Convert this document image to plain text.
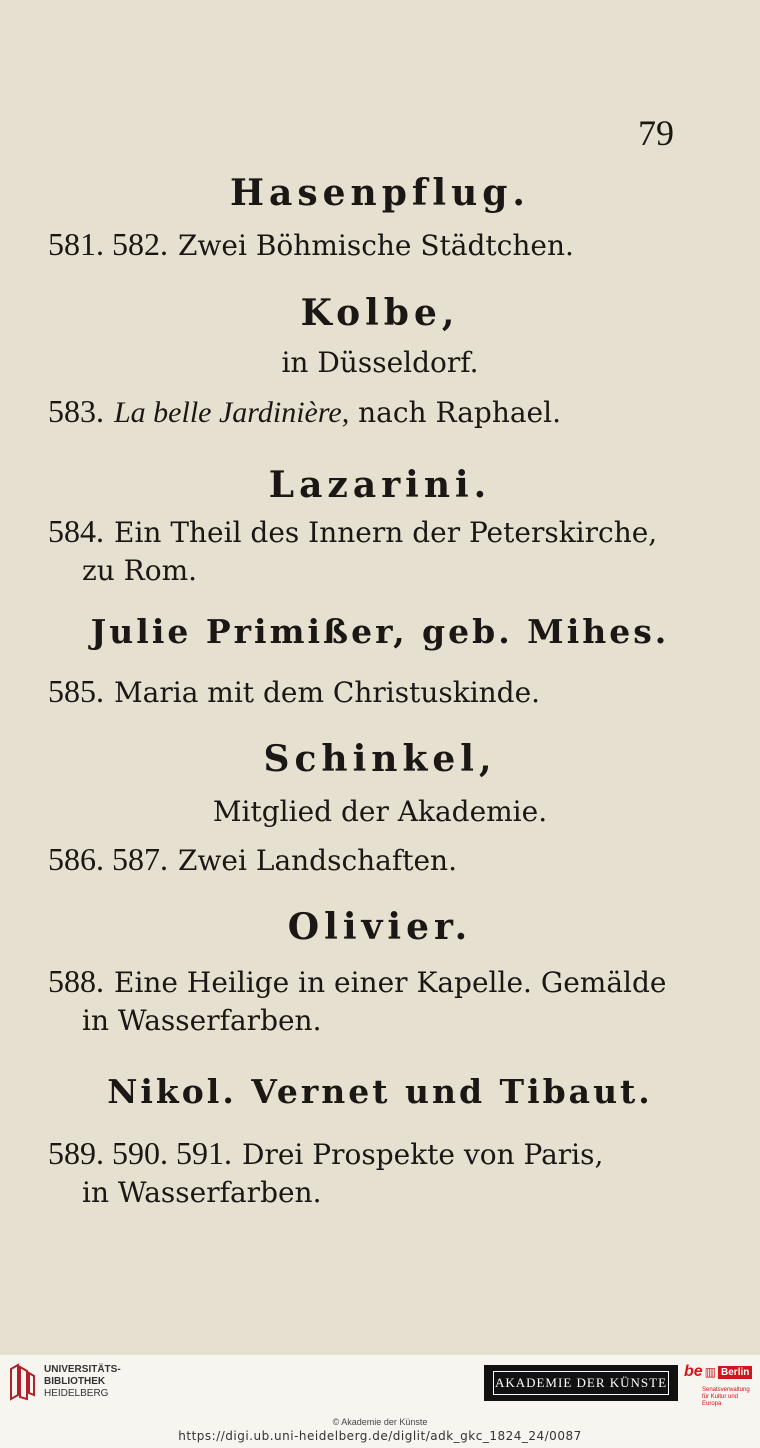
79
Hasenpflug.
581. 582. Zwei Böhmische Städtchen.
Kolbe,
in Düsseldorf.
583. La belle Jardinière, nach Raphael.
Lazarini.
584. Ein Theil des Innern der Peterskirche,
zu Rom.
Julie Primißer, geb. Mihes.
585. Maria mit dem Christuskinde.
Schinkel,
Mitglied der Akademie.
586. 587. Zwei Landschaften.
Olivier.
588. Eine Heilige in einer Kapelle. Gemälde
in Wasserfarben.
Nikol. Vernet und Tibaut.
589. 590. 591. Drei Prospekte von Paris,
in Wasserfarben.
UNIVERSITÄTS-
BIBLIOTHEK
HEIDELBERG
AKADEMIE DER KÜNSTE
be ▥ Berlin
Senatsverwaltung
für Kultur und Europa
© Akademie der Künste
https://digi.ub.uni-heidelberg.de/diglit/adk_gkc_1824_24/0087
